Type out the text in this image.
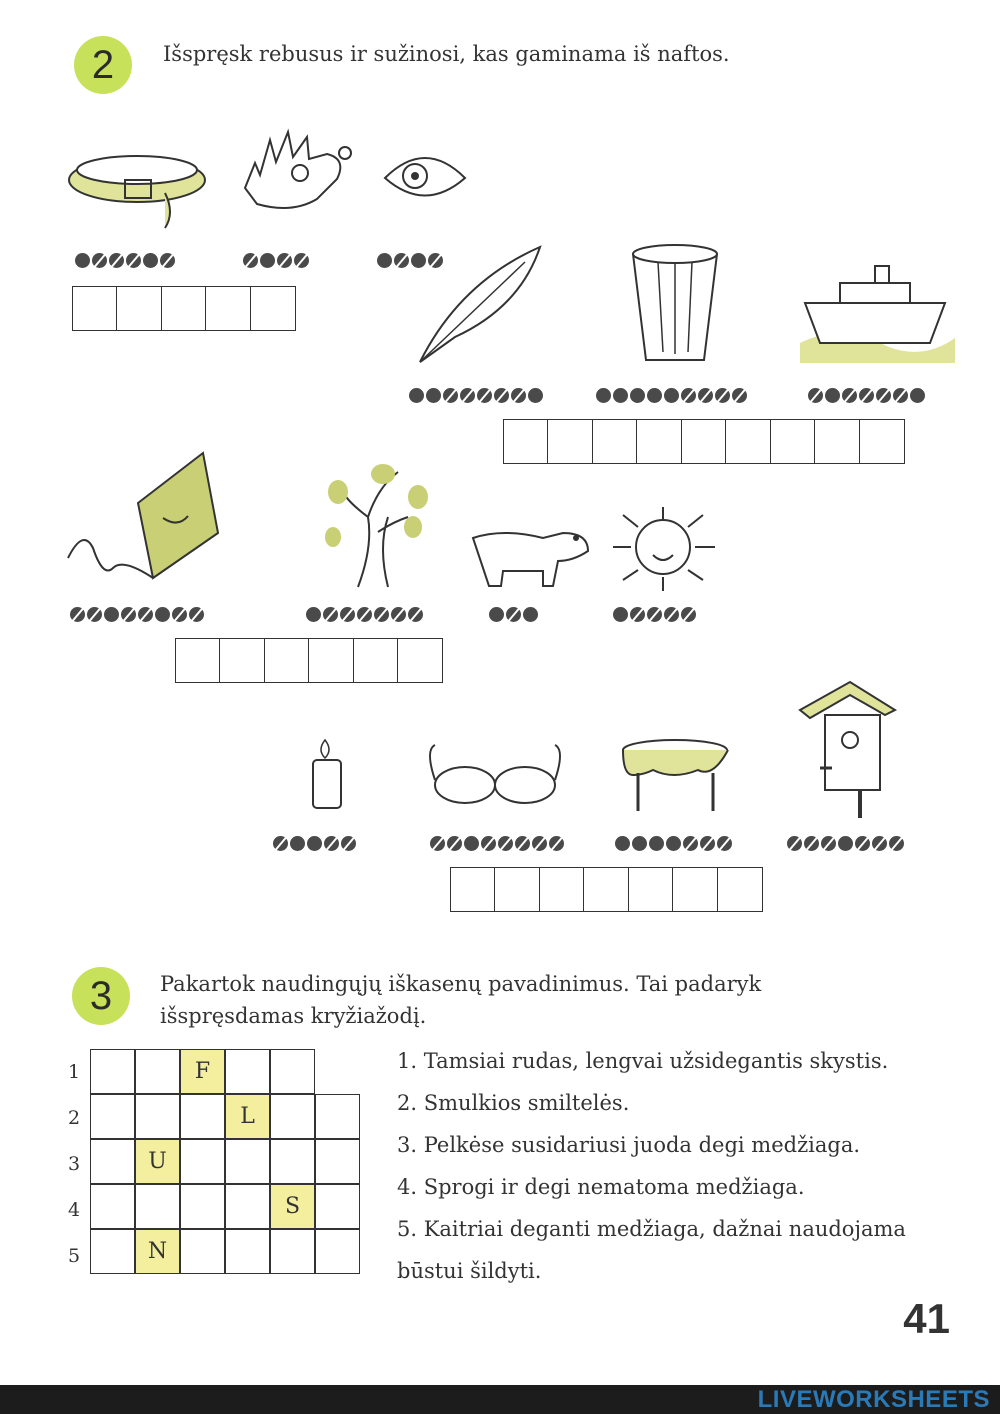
2	Išspręsk rebusus ir sužinosi, kas gaminama iš naftos.
3	Pakartok naudingųjų iškasenų pavadinimus. Tai padaryk
išspręsdamas kryžiažodį.
1
2
3
4
5
F
L
U
S
N

1. Tamsiai rudas, lengvai užsidegantis skystis.

2. Smulkios smiltelės.

3. Pelkėse susidariusi juoda degi medžiaga.

4. Sprogi ir degi nematoma medžiaga.

5. Kaitriai deganti medžiaga, dažnai naudojama būstui šildyti.

41
LIVEWORKSHEETS
